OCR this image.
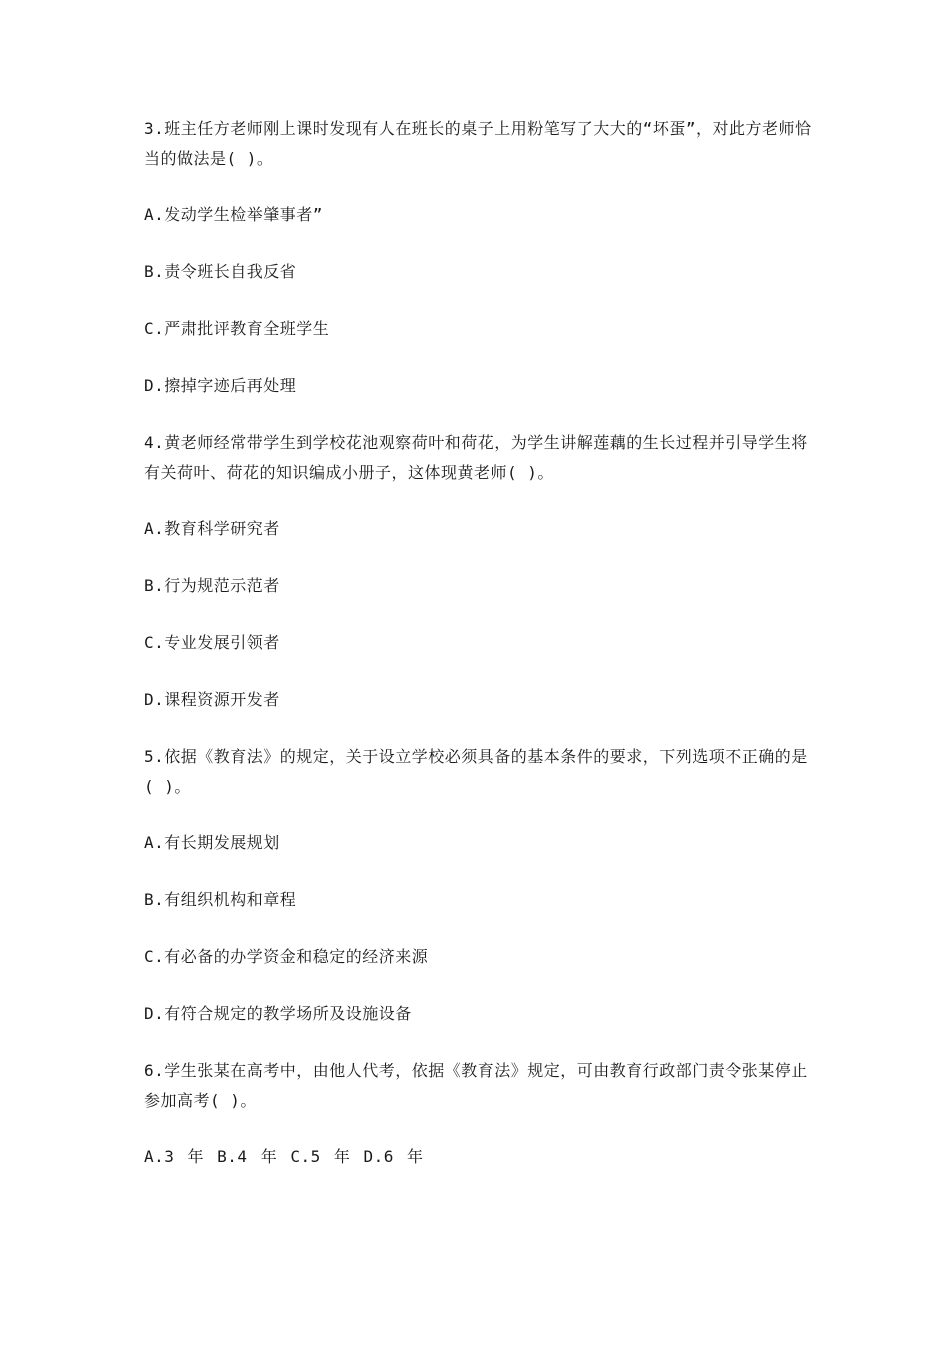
3.班主任方老师刚上课时发现有人在班长的桌子上用粉笔写了大大的“坏蛋”，对此方老师恰当的做法是( )。

A.发动学生检举肇事者”

B.责令班长自我反省

C.严肃批评教育全班学生

D.擦掉字迹后再处理

4.黄老师经常带学生到学校花池观察荷叶和荷花，为学生讲解莲藕的生长过程并引导学生将有关荷叶、荷花的知识编成小册子，这体现黄老师( )。

A.教育科学研究者

B.行为规范示范者

C.专业发展引领者

D.课程资源开发者

5.依据《教育法》的规定，关于设立学校必须具备的基本条件的要求，下列选项不正确的是( )。

A.有长期发展规划

B.有组织机构和章程

C.有必备的办学资金和稳定的经济来源

D.有符合规定的教学场所及设施设备

6.学生张某在高考中，由他人代考，依据《教育法》规定，可由教育行政部门责令张某停止参加高考( )。

A.3 年 B.4 年 C.5 年 D.6 年
